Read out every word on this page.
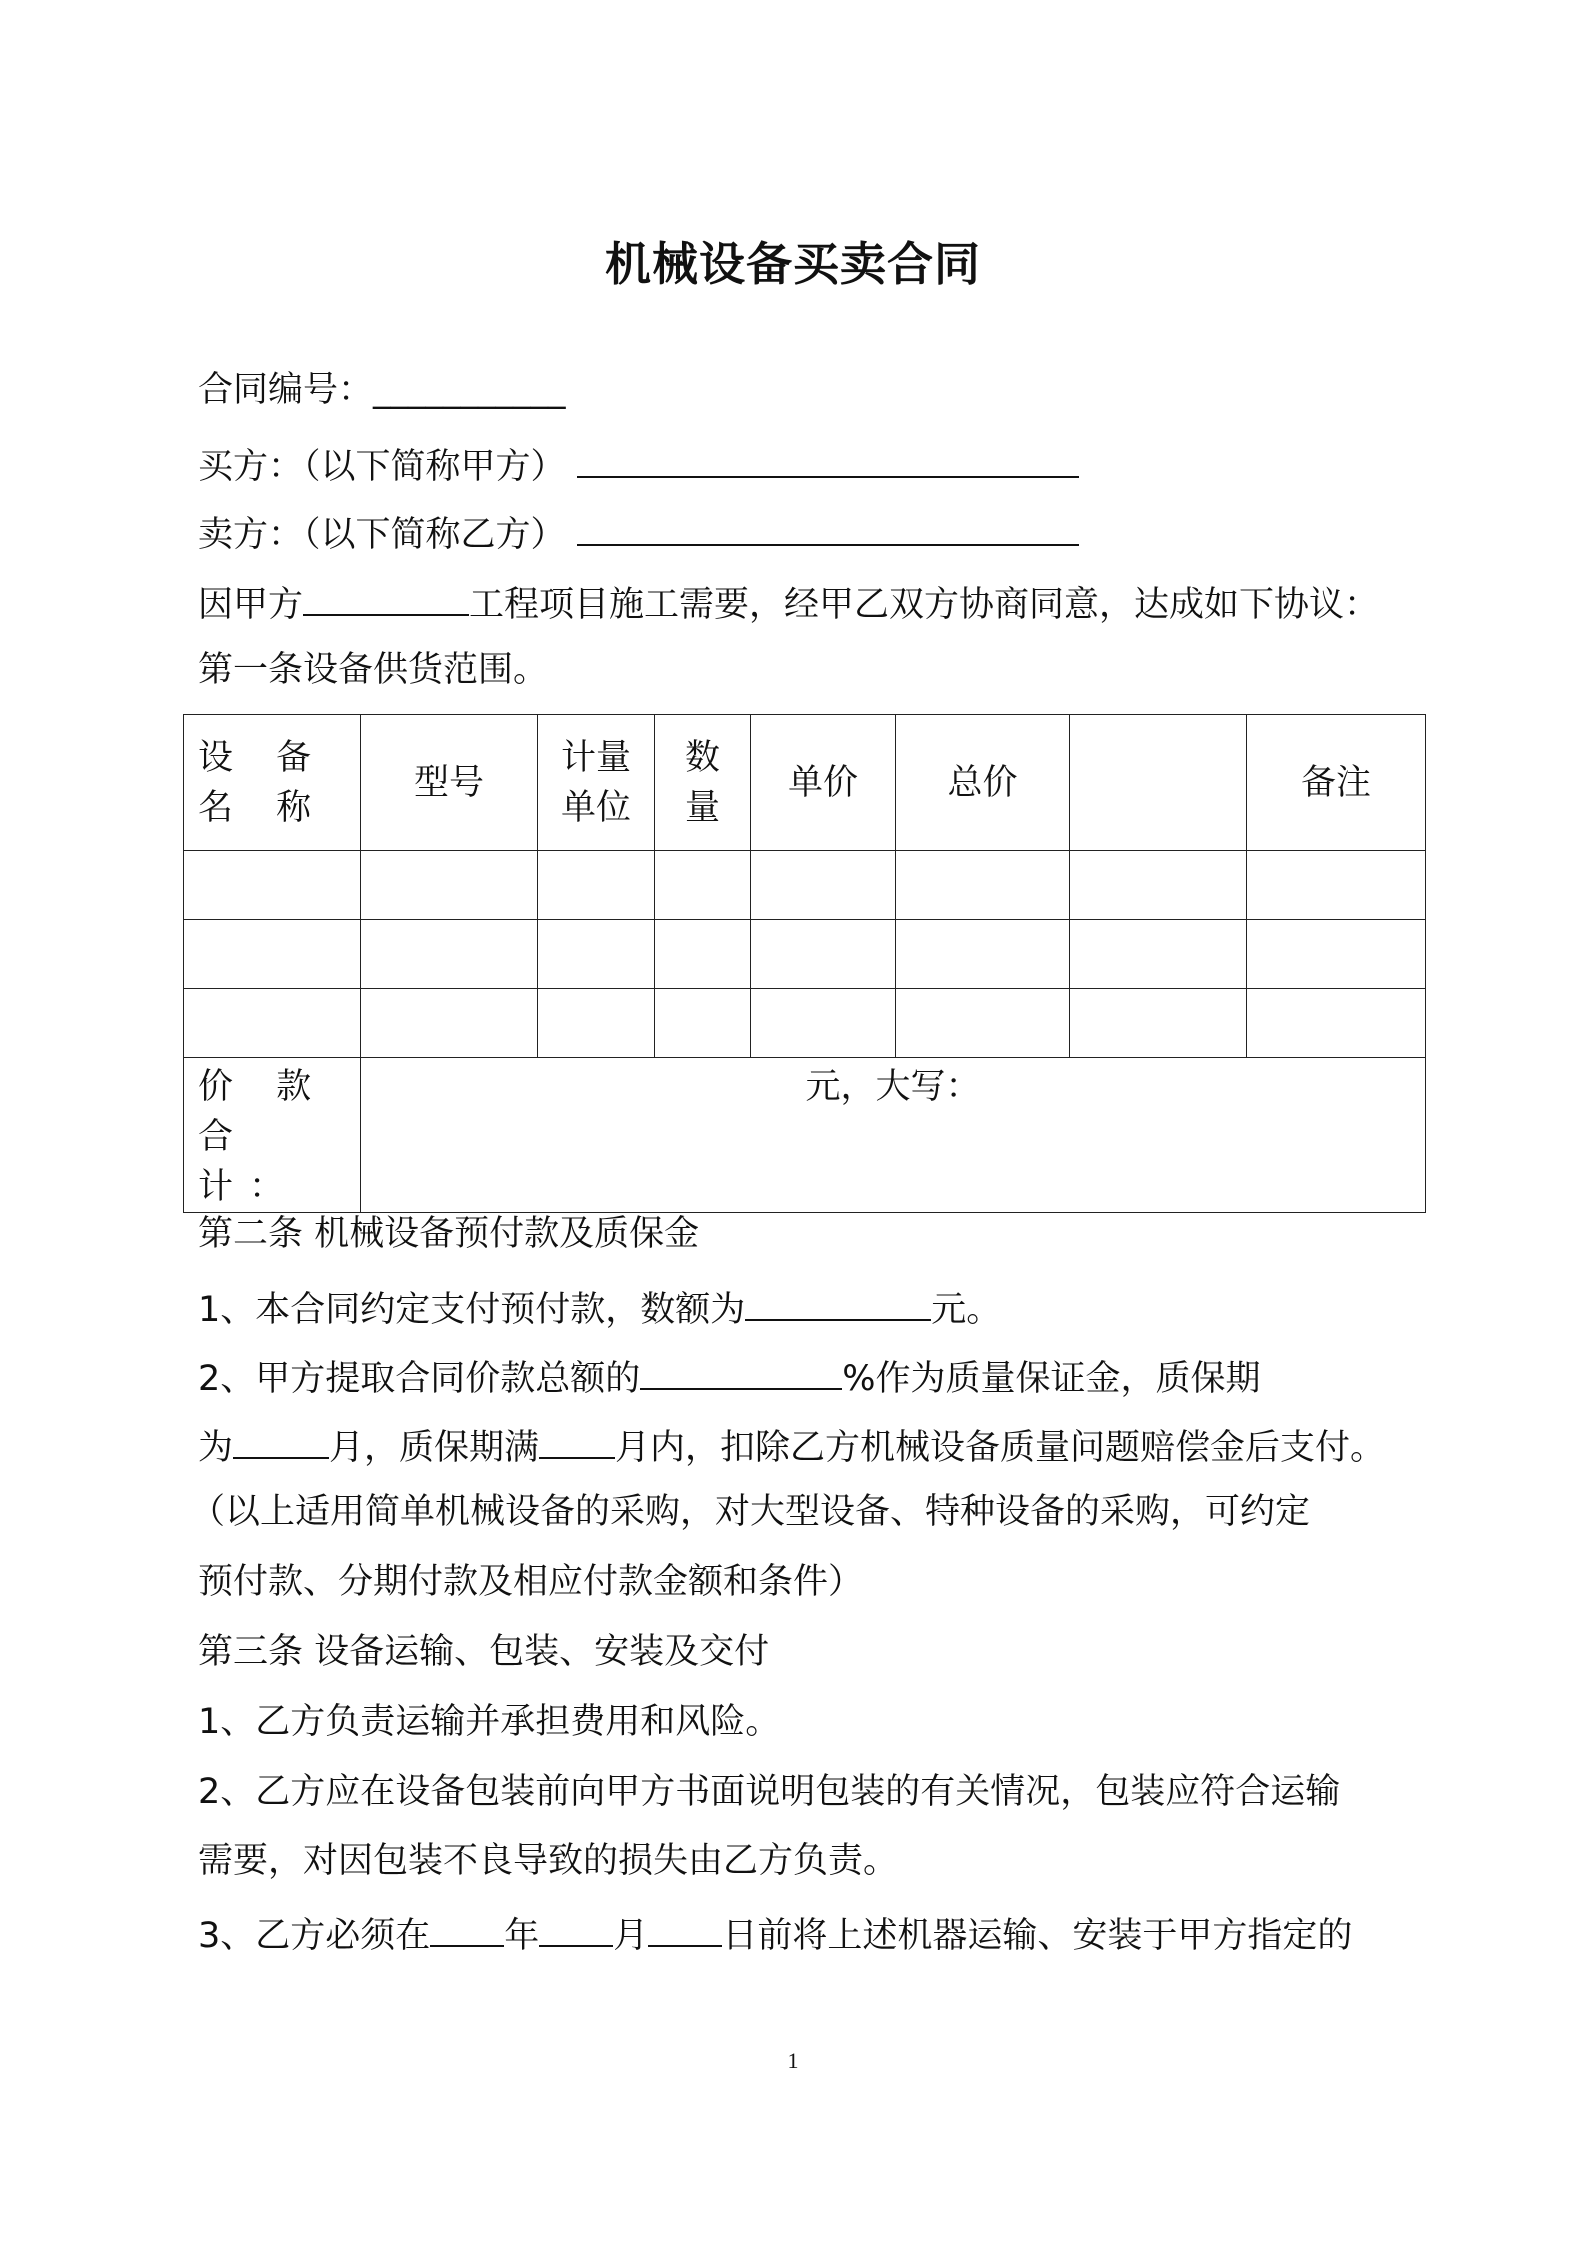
机械设备买卖合同
合同编号：___________
买方：（以下简称甲方）
卖方：（以下简称乙方）
因甲方	工程项目施工需要，经甲乙双方协商同意，达成如下协议：
第一条设备供货范围。
设 备 名 称	型号	计量单位	数量	单价	总价		备注

价 款 合 计：	元，大写：						
第二条 机械设备预付款及质保金
1、本合同约定支付预付款，数额为	元。
2、甲方提取合同价款总额的	%作为质量保证金，质保期
为	月，质保期满 月内，扣除乙方机械设备质量问题赔偿金后支付。
（以上适用简单机械设备的采购，对大型设备、特种设备的采购，可约定
预付款、分期付款及相应付款金额和条件）
第三条 设备运输、包装、安装及交付
1、乙方负责运输并承担费用和风险。
2、乙方应在设备包装前向甲方书面说明包装的有关情况，包装应符合运输
需要，对因包装不良导致的损失由乙方负责。
3、乙方必须在 年 月 日前将上述机器运输、安装于甲方指定的
1
